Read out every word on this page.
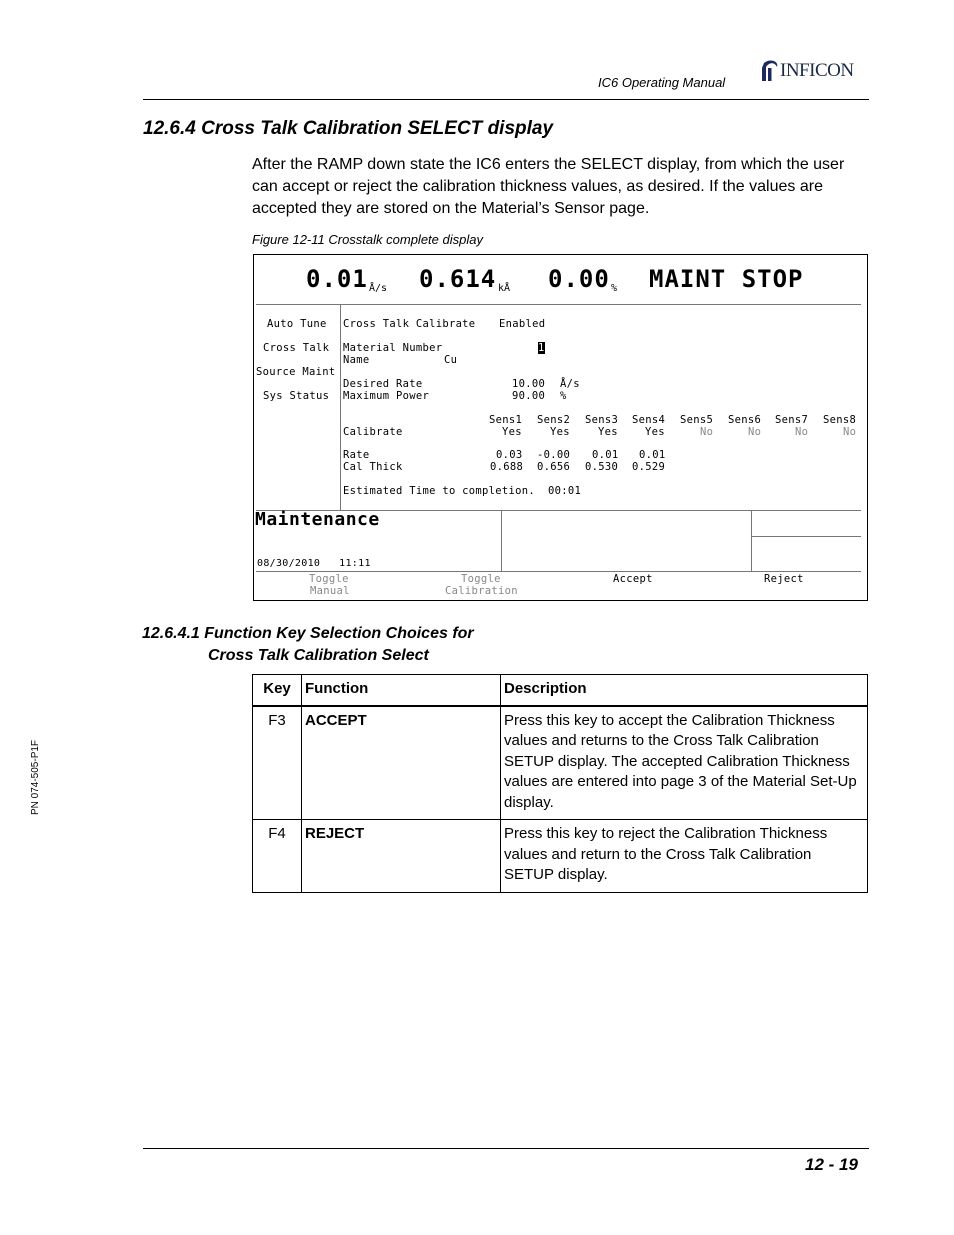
IC6 Operating Manual
INFICON
12.6.4 Cross Talk Calibration SELECT display
After the RAMP down state the IC6 enters the SELECT display, from which the user can accept or reject the calibration thickness values, as desired. If the values are accepted they are stored on the Material’s Sensor page.
Figure 12-11 Crosstalk complete display
0.01 Å/s 0.614 kÅ 0.00 % MAINT STOP
Auto Tune
Cross Talk
Source Maint
Sys Status
Cross Talk Calibrate Enabled
Material Number	1
Name	Cu
Desired Rate	10.00 Å/s
Maximum Power	90.00 %
Sens1 Sens2 Sens3 Sens4 Sens5 Sens6 Sens7 Sens8
Calibrate	Yes	Yes	Yes	Yes	No	No	No	No
Rate	0.03 -0.00 0.01 0.01
Cal Thick	0.688 0.656 0.530 0.529
Estimated Time to completion. 00:01
Maintenance
08/30/2010   11:11
Toggle
Manual
Toggle
Calibration
Accept	Reject
12.6.4.1 Function Key Selection Choices for
Cross Talk Calibration Select
Key	Function	Description
F3	ACCEPT	Press this key to accept the Calibration Thickness values and returns to the Cross Talk Calibration SETUP display. The accepted Calibration Thickness values are entered into page 3 of the Material Set-Up display.
F4	REJECT	Press this key to reject the Calibration Thickness values and return to the Cross Talk Calibration SETUP display.
PN 074-505-P1F
12 - 19
